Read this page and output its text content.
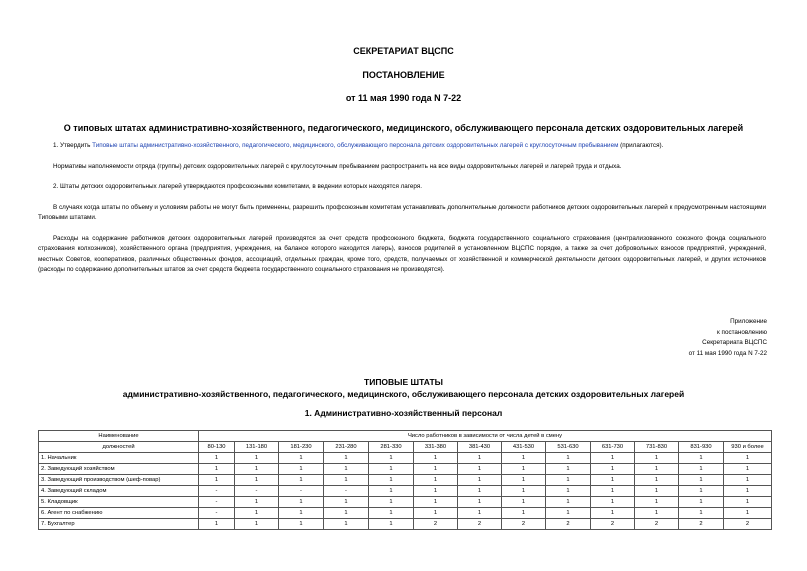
СЕКРЕТАРИАТ ВЦСПС
ПОСТАНОВЛЕНИЕ
от 11 мая 1990 года N 7-22
О типовых штатах административно-хозяйственного, педагогического, медицинского, обслуживающего персонала детских оздоровительных лагерей
1. Утвердить Типовые штаты административно-хозяйственного, педагогического, медицинского, обслуживающего персонала детских оздоровительных лагерей с круглосуточным пребыванием (прилагаются).
Нормативы наполняемости отряда (группы) детских оздоровительных лагерей с круглосуточным пребыванием распространить на все виды оздоровительных лагерей и лагерей труда и отдыха.
2. Штаты детских оздоровительных лагерей утверждаются профсоюзными комитетами, в ведении которых находятся лагеря.
В случаях когда штаты по объему и условиям работы не могут быть применены, разрешить профсоюзным комитетам устанавливать дополнительные должности работников детских оздоровительных лагерей к предусмотренным настоящими Типовыми штатами.
Расходы на содержание работников детских оздоровительных лагерей производятся за счет средств профсоюзного бюджета, бюджета государственного социального страхования (централизованного союзного фонда социального страхования колхозников), хозяйственного органа (предприятия, учреждения, на балансе которого находится лагерь), взносов родителей в установленном ВЦСПС порядке, а также за счет добровольных взносов предприятий, учреждений, местных Советов, кооперативов, различных общественных фондов, ассоциаций, отдельных граждан, кроме того, средств, получаемых от хозяйственной и коммерческой деятельности детских оздоровительных лагерей, и других источников (расходы по содержанию дополнительных штатов за счет средств бюджета государственного социального страхования не производятся).
Приложение
к постановлению
Секретариата ВЦСПС
от 11 мая 1990 года N 7-22
ТИПОВЫЕ ШТАТЫ
административно-хозяйственного, педагогического, медицинского, обслуживающего персонала детских оздоровительных лагерей
1. Административно-хозяйственный персонал
Наименование	Число работников в зависимости от числа детей в смену												
должностей	80-130	131-180	181-230	231-280	281-330	331-380	381-430	431-530	531-630	631-730	731-830	831-930	930 и более
1. Начальник	1	1	1	1	1	1	1	1	1	1	1	1	1
2. Заведующий хозяйством	1	1	1	1	1	1	1	1	1	1	1	1	1
3. Заведующий производством (шеф-повар)	1	1	1	1	1	1	1	1	1	1	1	1	1
4. Заведующий складом	-	-	-	-	1	1	1	1	1	1	1	1	1
5. Кладовщик	-	1	1	1	1	1	1	1	1	1	1	1	1
6. Агент по снабжению	-	1	1	1	1	1	1	1	1	1	1	1	1
7. Бухгалтер	1	1	1	1	1	2	2	2	2	2	2	2	2
